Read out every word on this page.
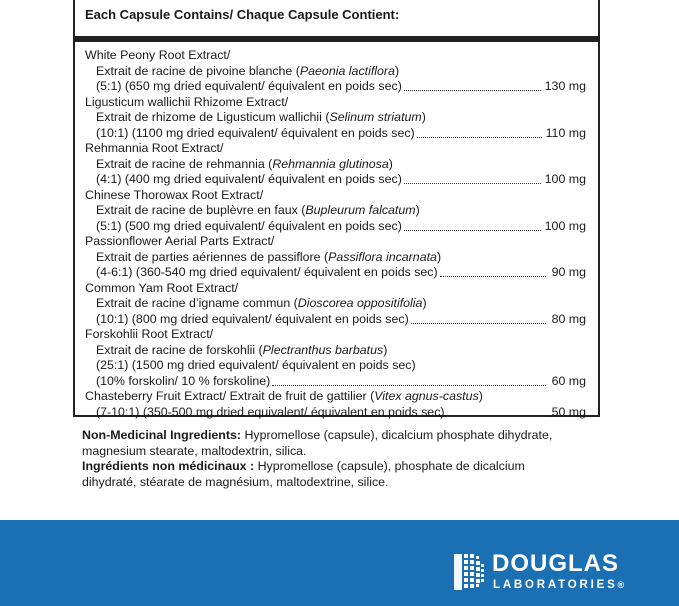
Each Capsule Contains/ Chaque Capsule Contient:
White Peony Root Extract/
Extrait de racine de pivoine blanche (Paeonia lactiflora)
(5:1) (650 mg dried equivalent/ équivalent en poids sec)	130 mg
Ligusticum wallichii Rhizome Extract/
Extrait de rhizome de Ligusticum wallichii (Selinum striatum)
(10:1) (1100 mg dried equivalent/ équivalent en poids sec)	110 mg
Rehmannia Root Extract/
Extrait de racine de rehmannia (Rehmannia glutinosa)
(4:1) (400 mg dried equivalent/ équivalent en poids sec)	100 mg
Chinese Thorowax Root Extract/
Extrait de racine de buplèvre en faux (Bupleurum falcatum)
(5:1) (500 mg dried equivalent/ équivalent en poids sec)	100 mg
Passionflower Aerial Parts Extract/
Extrait de parties aériennes de passiflore (Passiflora incarnata)
(4-6:1) (360-540 mg dried equivalent/ équivalent en poids sec)	90 mg
Common Yam Root Extract/
Extrait de racine d’igname commun (Dioscorea oppositifolia)
(10:1) (800 mg dried equivalent/ équivalent en poids sec)	80 mg
Forskohlii Root Extract/
Extrait de racine de forskohlii (Plectranthus barbatus)
(25:1) (1500 mg dried equivalent/ équivalent en poids sec)
(10% forskolin/ 10 % forskoline)	60 mg
Chasteberry Fruit Extract/ Extrait de fruit de gattilier (Vitex agnus-castus)
(7-10:1) (350-500 mg dried equivalent/ équivalent en poids sec)	50 mg
Non-Medicinal Ingredients: Hypromellose (capsule), dicalcium phosphate dihydrate, magnesium stearate, maltodextrin, silica.
Ingrédients non médicinaux : Hypromellose (capsule), phosphate de dicalcium dihydraté, stéarate de magnésium, maltodextrine, silice.
DOUGLAS
LABORATORIES®
